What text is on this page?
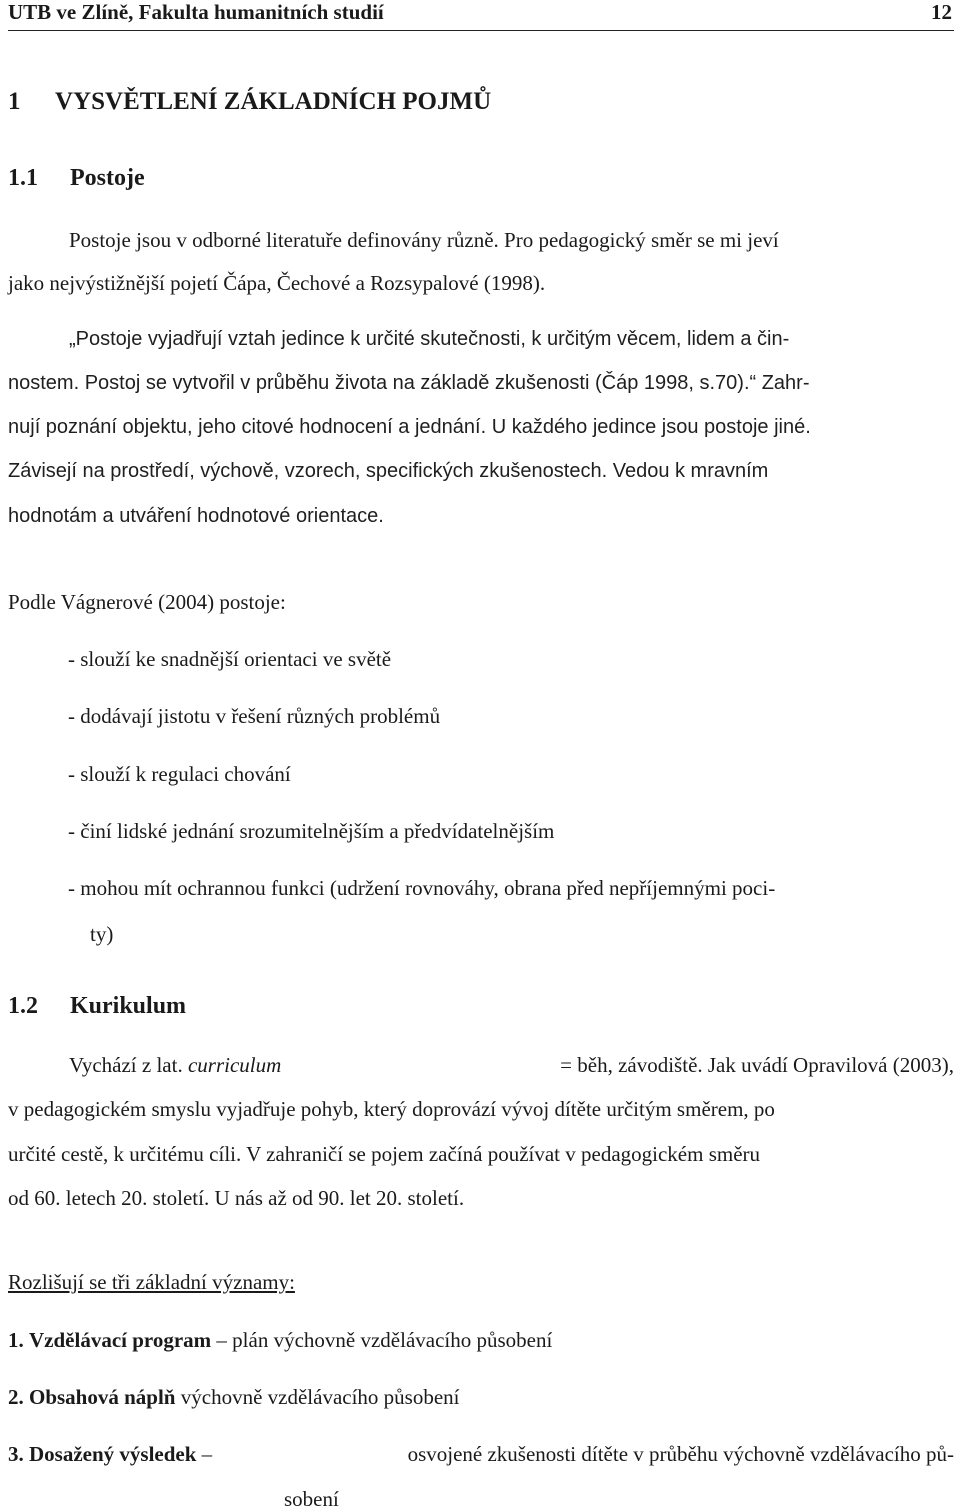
UTB ve Zlíně, Fakulta humanitních studií	12
1 VYSVĚTLENÍ ZÁKLADNÍCH POJMŮ
1.1 Postoje
Postoje jsou v odborné literatuře definovány různě. Pro pedagogický směr se mi jeví
jako nejvýstižnější pojetí Čápa, Čechové a Rozsypalové (1998).
„Postoje vyjadřují vztah jedince k určité skutečnosti, k určitým věcem, lidem a čin-
nostem. Postoj se vytvořil v průběhu života na základě zkušenosti (Čáp 1998, s.70).“ Zahr-
nují poznání objektu, jeho citové hodnocení a jednání. U každého jedince jsou postoje jiné.
Závisejí na prostředí, výchově, vzorech, specifických zkušenostech. Vedou k mravním
hodnotám a utváření hodnotové orientace.
Podle Vágnerové (2004) postoje:
- slouží ke snadnější orientaci ve světě
- dodávají jistotu v řešení různých problémů
- slouží k regulaci chování
- činí lidské jednání srozumitelnějším a předvídatelnějším
- mohou mít ochrannou funkci (udržení rovnováhy, obrana před nepříjemnými poci-
ty)
1.2 Kurikulum
Vychází z lat. curriculum	= běh, závodiště. Jak uvádí Opravilová (2003),
v pedagogickém smyslu vyjadřuje pohyb, který doprovází vývoj dítěte určitým směrem, po
určité cestě, k určitému cíli. V zahraničí se pojem začíná používat v pedagogickém směru
od 60. letech 20. století. U nás až od 90. let 20. století.
Rozlišují se tři základní významy:
1. Vzdělávací program – plán výchovně vzdělávacího působení
2. Obsahová náplň výchovně vzdělávacího působení
3. Dosažený výsledek –	osvojené zkušenosti dítěte v průběhu výchovně vzdělávacího pů-
sobení
